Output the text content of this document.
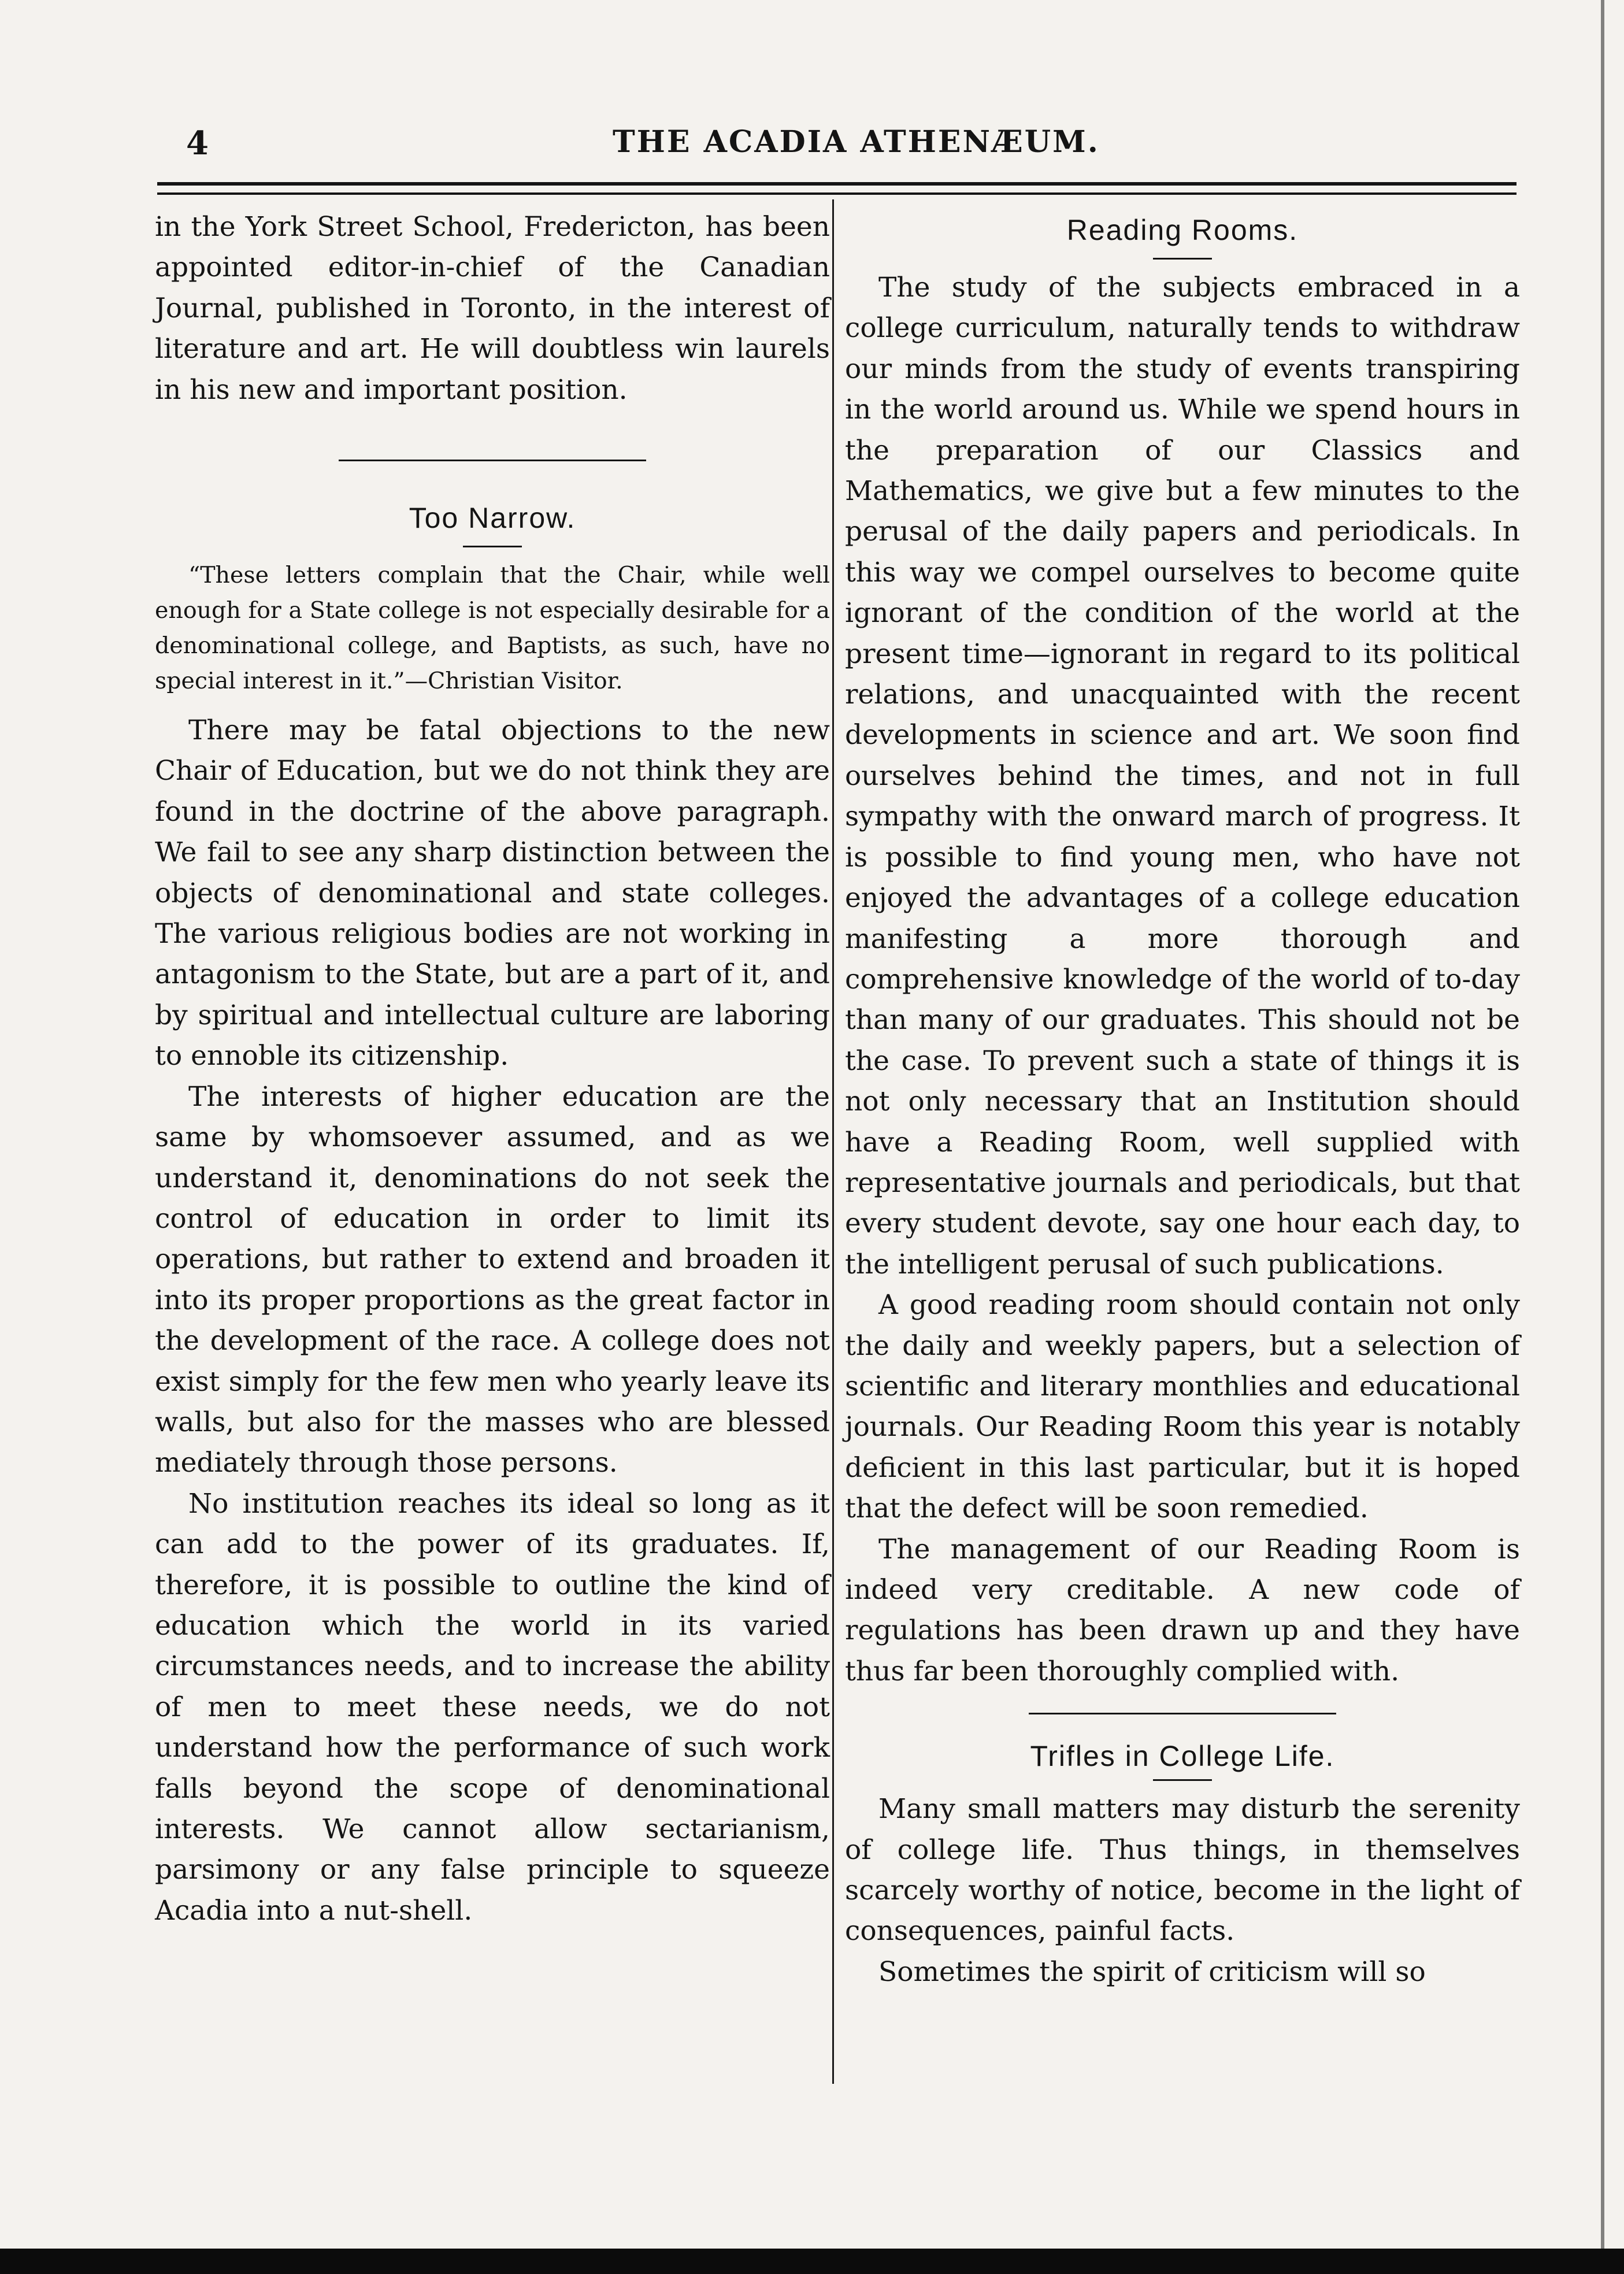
4	THE ACADIA ATHENÆUM.

in the York Street School, Fredericton, has been appointed editor-in-chief of the Canadian Journal, published in Toronto, in the interest of literature and art. He will doubtless win laurels in his new and important position.

Too Narrow.

“These letters complain that the Chair, while well enough for a State college is not especially desirable for a denominational college, and Baptists, as such, have no special interest in it.”—Christian Visitor.

There may be fatal objections to the new Chair of Education, but we do not think they are found in the doctrine of the above paragraph. We fail to see any sharp distinction between the objects of denominational and state colleges. The various religious bodies are not working in antagonism to the State, but are a part of it, and by spiritual and intellectual culture are laboring to ennoble its citizenship.

The interests of higher education are the same by whomsoever assumed, and as we understand it, denominations do not seek the control of education in order to limit its operations, but rather to extend and broaden it into its proper proportions as the great factor in the development of the race. A college does not exist simply for the few men who yearly leave its walls, but also for the masses who are blessed mediately through those persons.

No institution reaches its ideal so long as it can add to the power of its graduates. If, therefore, it is possible to outline the kind of education which the world in its varied circumstances needs, and to increase the ability of men to meet these needs, we do not understand how the performance of such work falls beyond the scope of denominational interests. We cannot allow sectarianism, parsimony or any false principle to squeeze Acadia into a nut-shell.

Reading Rooms.

The study of the subjects embraced in a college curriculum, naturally tends to withdraw our minds from the study of events transpiring in the world around us. While we spend hours in the preparation of our Classics and Mathematics, we give but a few minutes to the perusal of the daily papers and periodicals. In this way we compel ourselves to become quite ignorant of the condition of the world at the present time—ignorant in regard to its political relations, and unacquainted with the recent developments in science and art. We soon find ourselves behind the times, and not in full sympathy with the onward march of progress. It is possible to find young men, who have not enjoyed the advantages of a college education manifesting a more thorough and comprehensive knowledge of the world of to-day than many of our graduates. This should not be the case. To prevent such a state of things it is not only necessary that an Institution should have a Reading Room, well supplied with representative journals and periodicals, but that every student devote, say one hour each day, to the intelligent perusal of such publications.

A good reading room should contain not only the daily and weekly papers, but a selection of scientific and literary monthlies and educational journals. Our Reading Room this year is notably deficient in this last particular, but it is hoped that the defect will be soon remedied.

The management of our Reading Room is indeed very creditable. A new code of regulations has been drawn up and they have thus far been thoroughly complied with.

Trifles in College Life.

Many small matters may disturb the serenity of college life. Thus things, in themselves scarcely worthy of notice, become in the light of consequences, painful facts.

Sometimes the spirit of criticism will so
